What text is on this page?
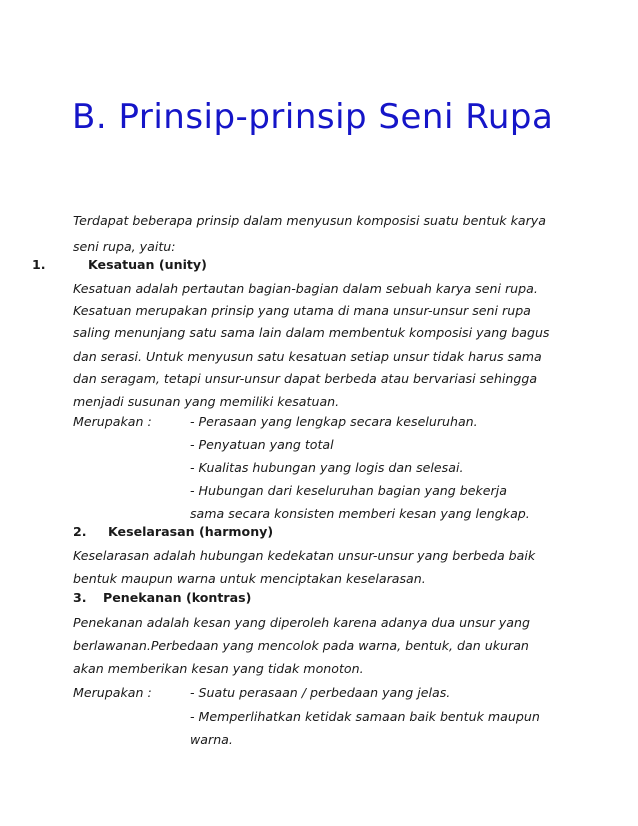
B. Prinsip-prinsip Seni Rupa
Terdapat beberapa prinsip dalam menyusun komposisi suatu bentuk karya
seni rupa, yaitu:
1.	Kesatuan (unity)
Kesatuan adalah pertautan bagian-bagian dalam sebuah karya seni rupa.
Kesatuan merupakan prinsip yang utama di mana unsur-unsur seni rupa
saling menunjang satu sama lain dalam membentuk komposisi yang bagus
dan serasi. Untuk menyusun satu kesatuan setiap unsur tidak harus sama
dan seragam, tetapi unsur-unsur dapat berbeda atau bervariasi sehingga
menjadi susunan yang memiliki kesatuan.
Merupakan :	- Perasaan yang lengkap secara keseluruhan.
- Penyatuan yang total
- Kualitas hubungan yang logis dan selesai.
- Hubungan dari keseluruhan bagian yang bekerja
sama secara konsisten memberi kesan yang lengkap.
2. Keselarasan (harmony)
Keselarasan adalah hubungan kedekatan unsur-unsur yang berbeda baik
bentuk maupun warna untuk menciptakan keselarasan.
3. Penekanan (kontras)
Penekanan adalah kesan yang diperoleh karena adanya dua unsur yang
berlawanan.Perbedaan yang mencolok pada warna, bentuk, dan ukuran
akan memberikan kesan yang tidak monoton.
Merupakan :	- Suatu perasaan / perbedaan yang jelas.
- Memperlihatkan ketidak samaan baik bentuk maupun
warna.
